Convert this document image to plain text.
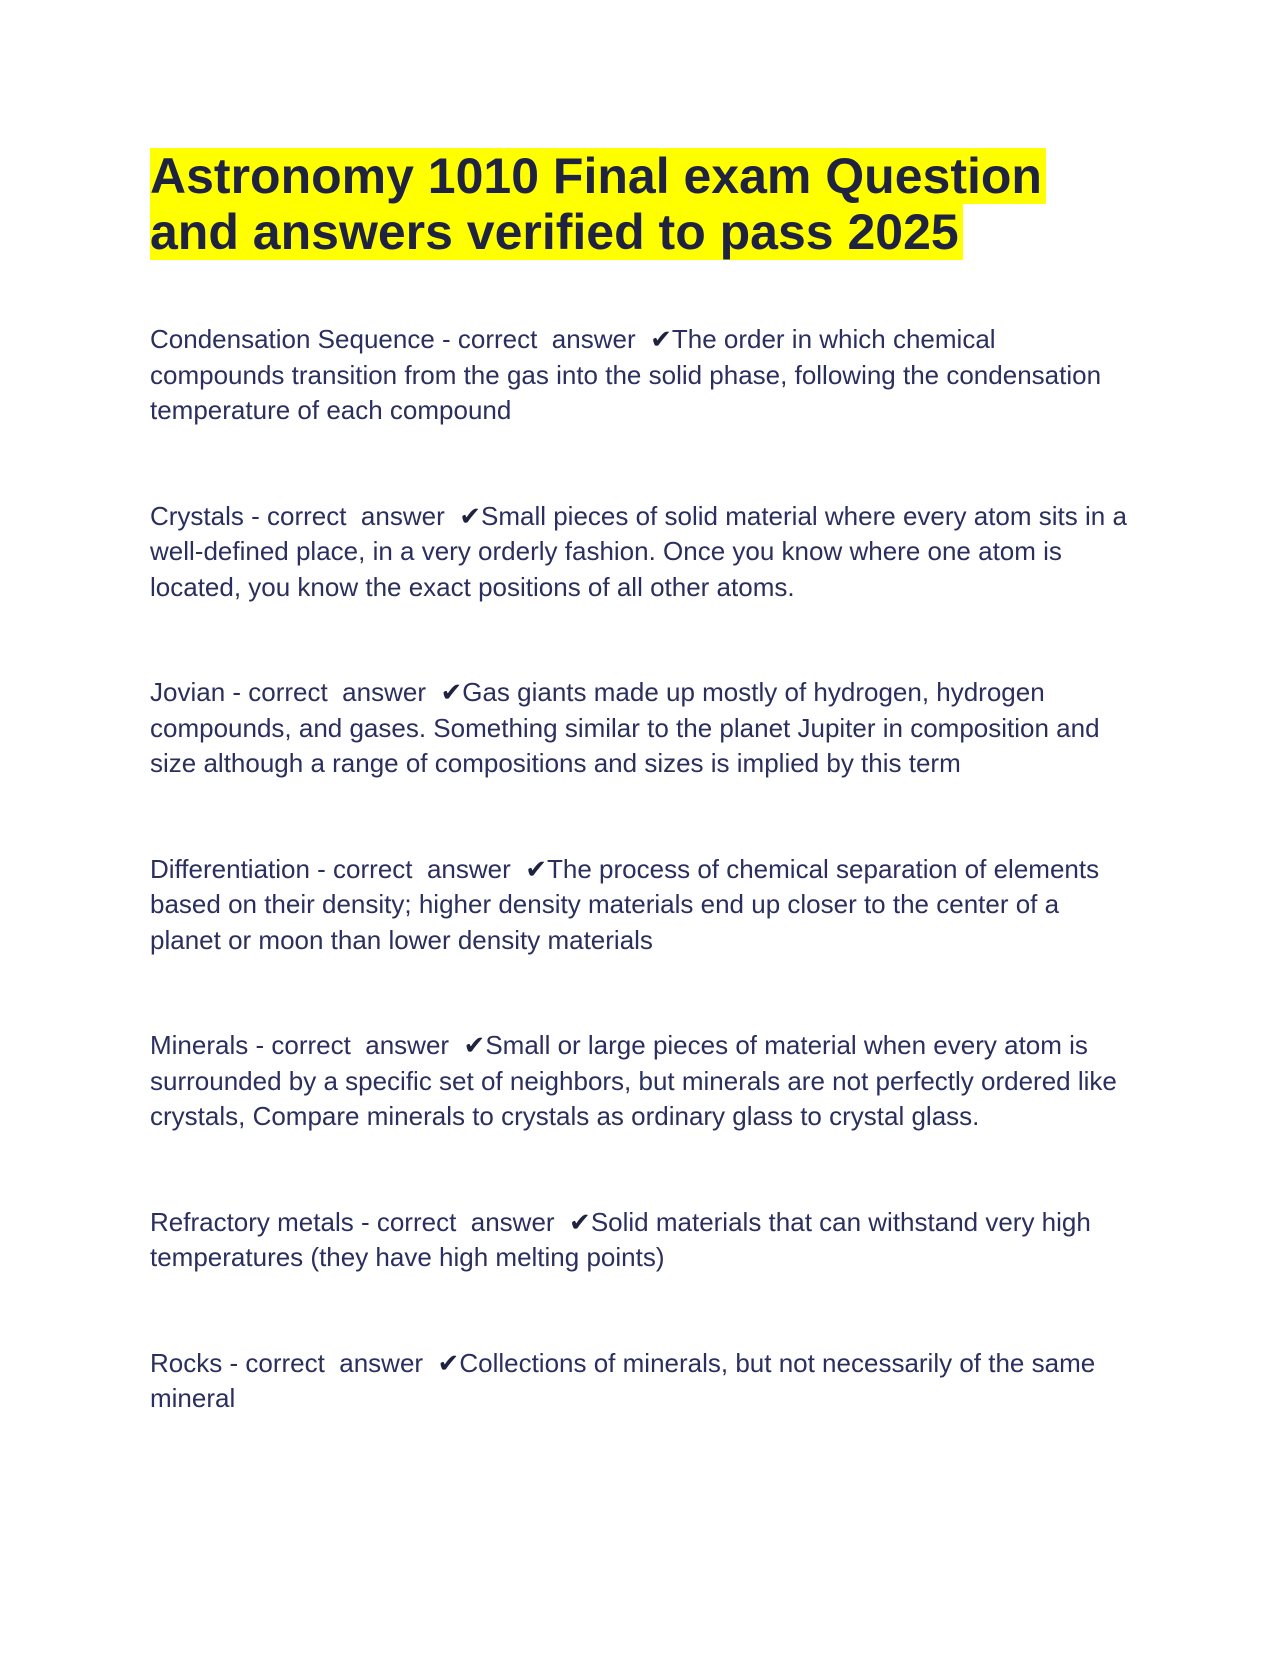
Astronomy 1010 Final exam Question and answers verified to pass 2025

Condensation Sequence - correct  answer  ✔The order in which chemical compounds transition from the gas into the solid phase, following the condensation temperature of each compound

Crystals - correct  answer  ✔Small pieces of solid material where every atom sits in a well-defined place, in a very orderly fashion. Once you know where one atom is located, you know the exact positions of all other atoms.

Jovian - correct  answer  ✔Gas giants made up mostly of hydrogen, hydrogen compounds, and gases. Something similar to the planet Jupiter in composition and size although a range of compositions and sizes is implied by this term

Differentiation - correct  answer  ✔The process of chemical separation of elements based on their density; higher density materials end up closer to the center of a planet or moon than lower density materials

Minerals - correct  answer  ✔Small or large pieces of material when every atom is surrounded by a specific set of neighbors, but minerals are not perfectly ordered like crystals, Compare minerals to crystals as ordinary glass to crystal glass.

Refractory metals - correct  answer  ✔Solid materials that can withstand very high temperatures (they have high melting points)

Rocks - correct  answer  ✔Collections of minerals, but not necessarily of the same mineral
